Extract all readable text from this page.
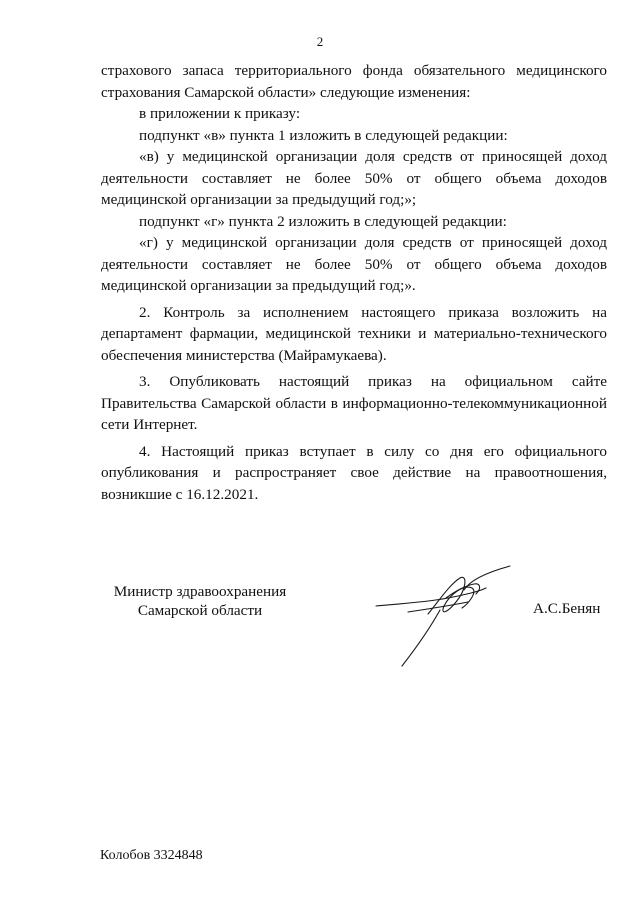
2

страхового запаса территориального фонда обязательного медицинского страхования Самарской области» следующие изменения:

в приложении к приказу:

подпункт «в» пункта 1 изложить в следующей редакции:

«в) у медицинской организации доля средств от приносящей доход деятельности составляет не более 50% от общего объема доходов медицинской организации за предыдущий год;»;

подпункт «г» пункта 2 изложить в следующей редакции:

«г) у медицинской организации доля средств от приносящей доход деятельности составляет не более 50% от общего объема доходов медицинской организации за предыдущий год;».

2. Контроль за исполнением настоящего приказа возложить на департамент фармации, медицинской техники и материально-технического обеспечения министерства (Майрамукаева).

3. Опубликовать настоящий приказ на официальном сайте Правительства Самарской области в информационно-телекоммуникационной сети Интернет.

4. Настоящий приказ вступает в силу со дня его официального опубликования и распространяет свое действие на правоотношения, возникшие с 16.12.2021.

Министр здравоохранения
Самарской области	А.С.Бенян
Колобов 3324848
